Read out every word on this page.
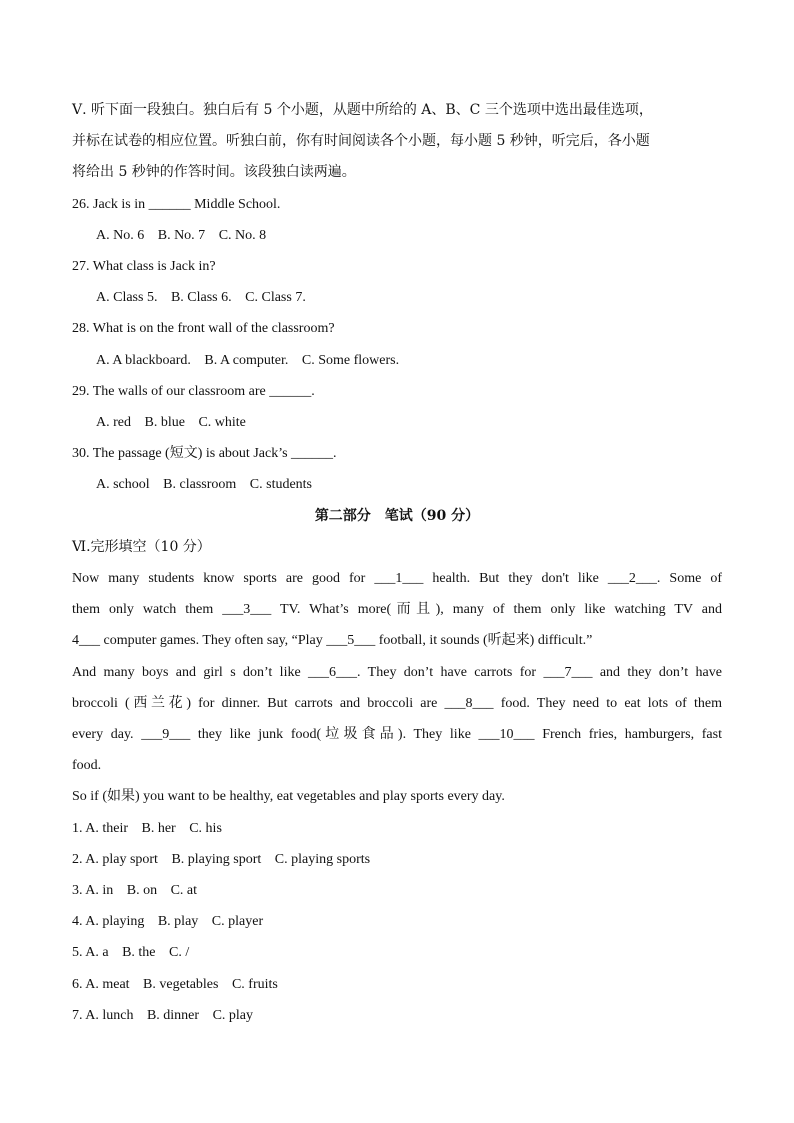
Ⅴ. 听下面一段独白。独白后有 5 个小题，从题中所给的 A、B、C 三个选项中选出最佳选项，

并标在试卷的相应位置。听独白前，你有时间阅读各个小题，每小题 5 秒钟，听完后，各小题

将给出 5 秒钟的作答时间。该段独白读两遍。

26. Jack is in ______ Middle School.

A. No. 6 B. No. 7 C. No. 8

27. What class is Jack in?

A. Class 5. B. Class 6. C. Class 7.

28. What is on the front wall of the classroom?

A. A blackboard. B. A computer. C. Some flowers.

29. The walls of our classroom are ______.

A. red B. blue C. white

30. The passage (短文) is about Jack’s ______.

A. school B. classroom C. students

第二部分　笔试（90 分）

Ⅵ.完形填空（10 分）

Now many students know sports are good for ___1___ health. But they don't like ___2___. Some of

them only watch them ___3___ TV. What’s more(而且), many of them only like watching TV and

4___ computer games. They often say, “Play ___5___ football, it sounds (听起来) difficult.”

And many boys and girl s don’t like ___6___. They don’t have carrots for ___7___ and they don’t have

broccoli (西兰花) for dinner. But carrots and broccoli are ___8___ food. They need to eat lots of them

every day. ___9___ they like junk food(垃圾食品). They like ___10___ French fries, hamburgers, fast

food.

So if (如果) you want to be healthy, eat vegetables and play sports every day.

1. A. their B. her C. his

2. A. play sport B. playing sport C. playing sports

3. A. in B. on C. at

4. A. playing B. play C. player

5. A. a B. the C. /

6. A. meat B. vegetables C. fruits

7. A. lunch B. dinner C. play
